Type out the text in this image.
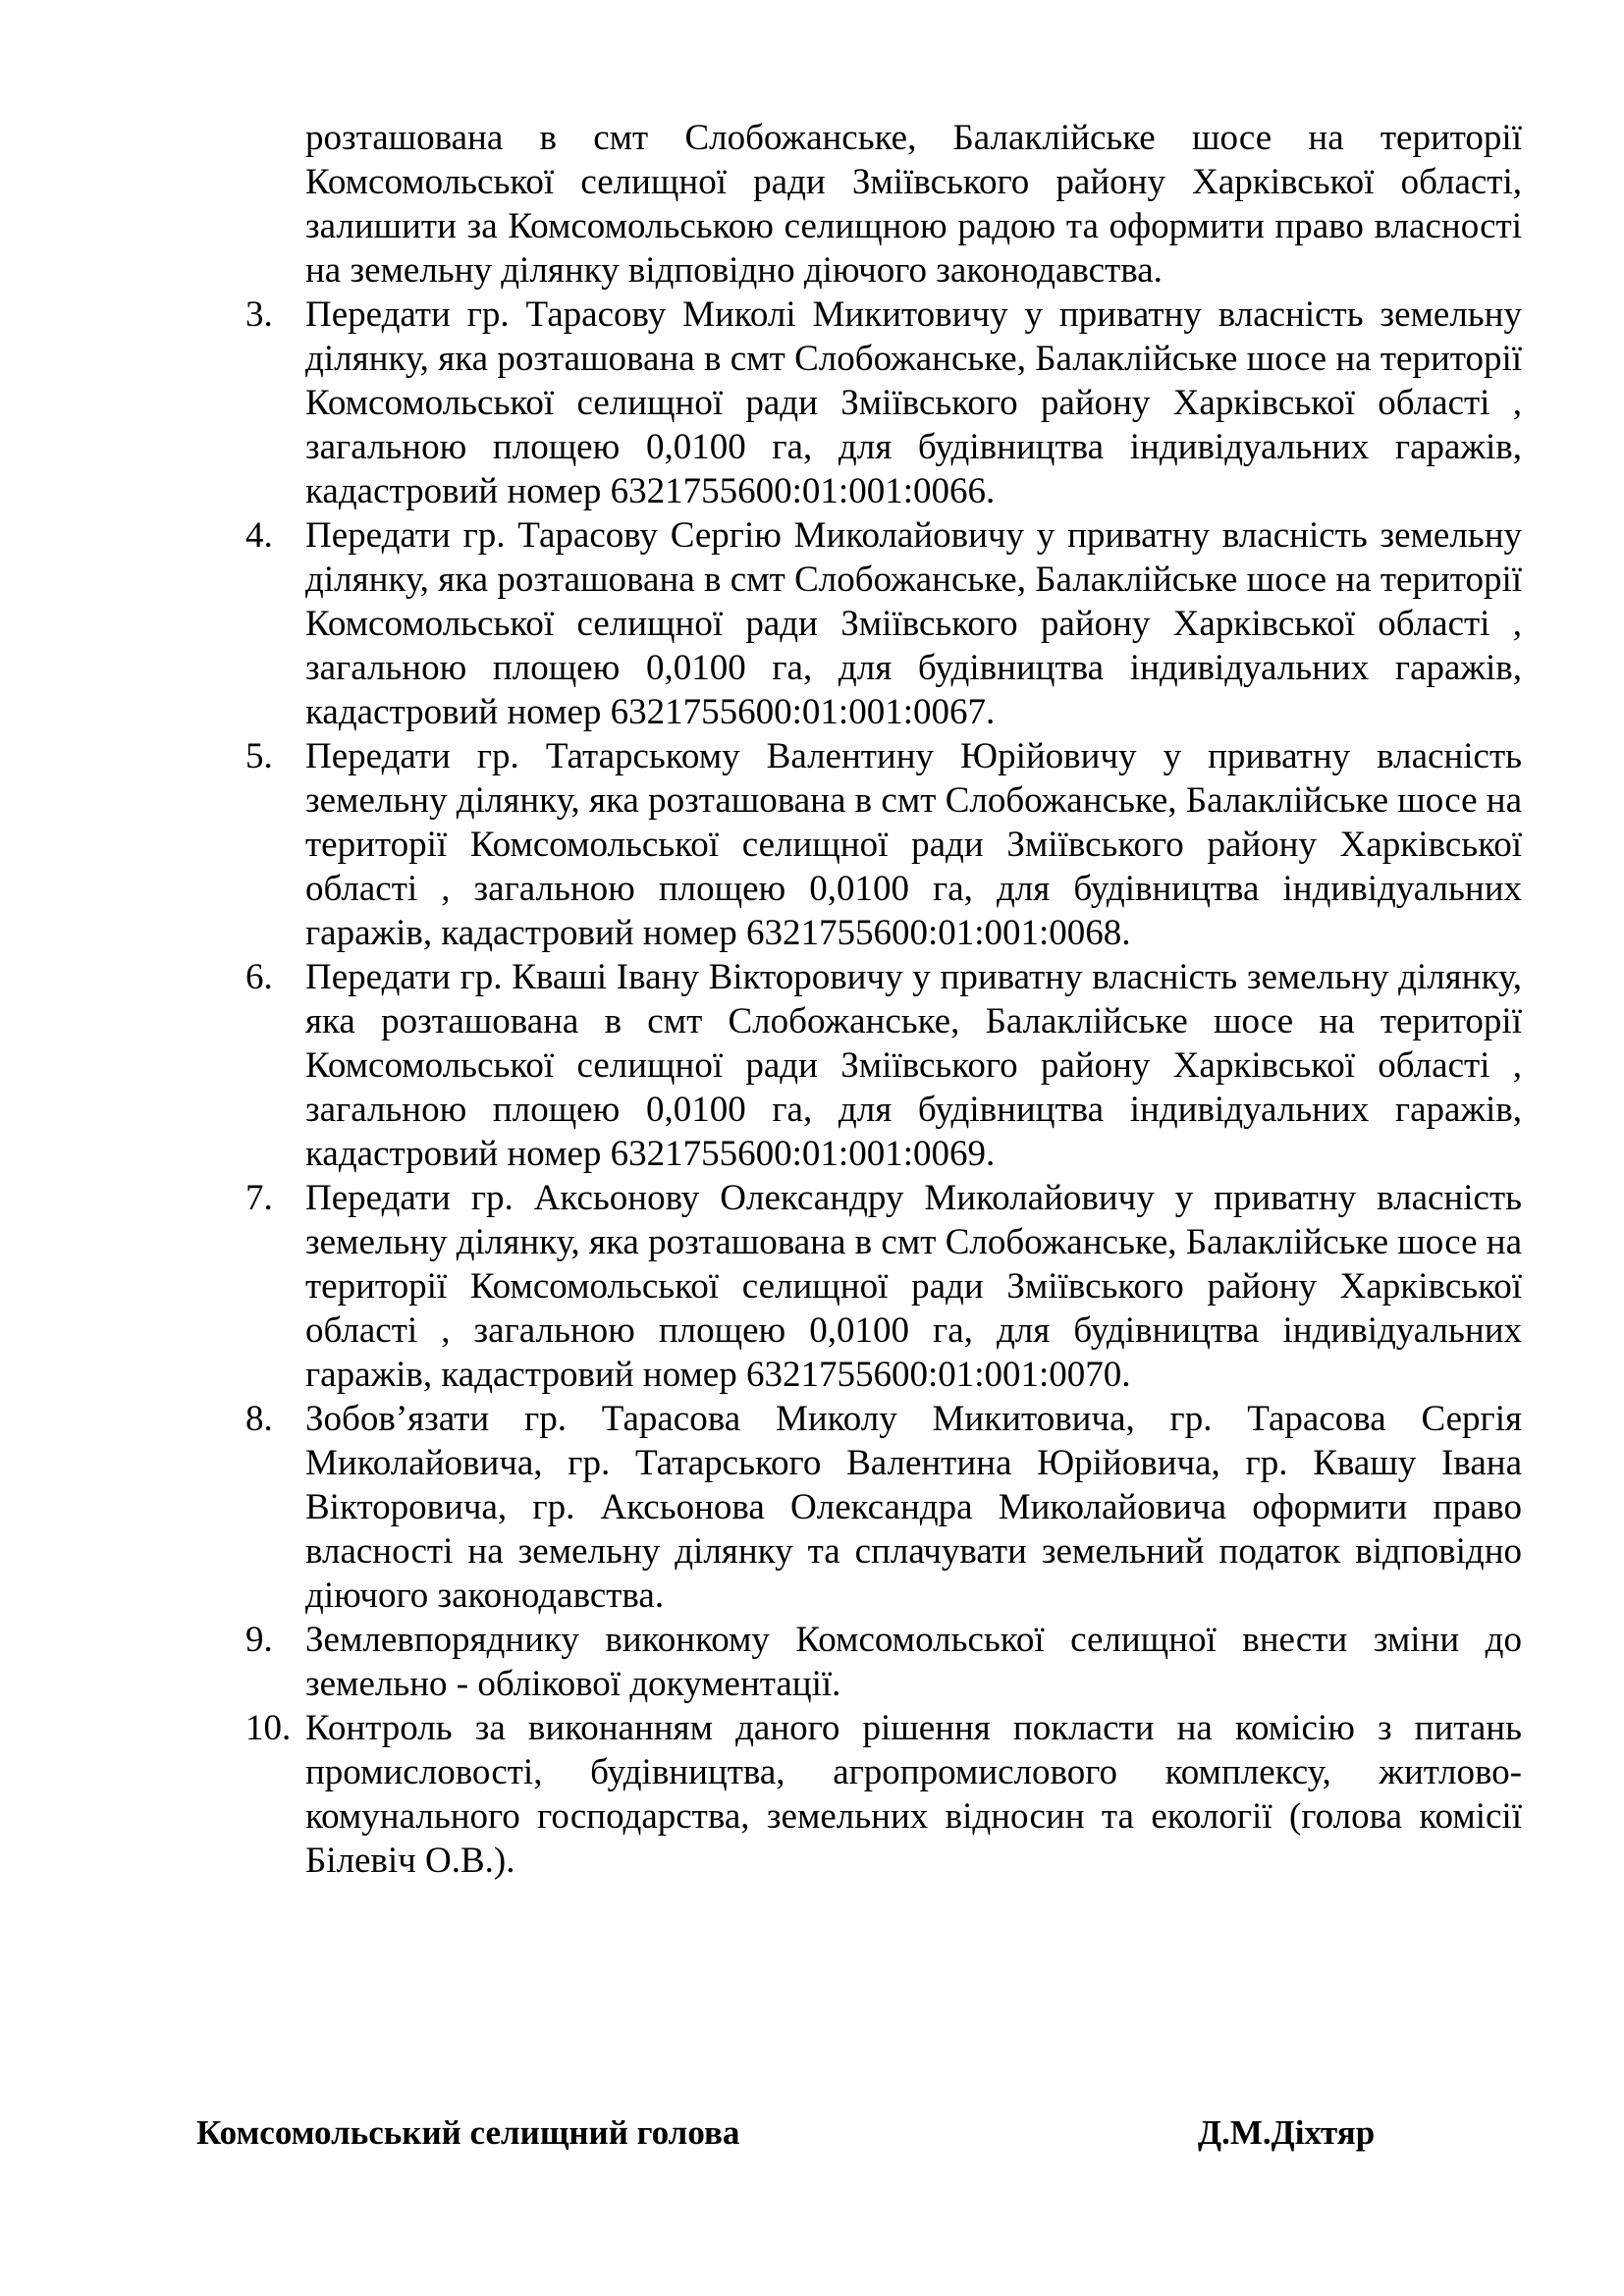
розташована в смт Слобожанське, Балаклійське шосе на території Комсомольської селищної ради Зміївського району Харківської області, залишити за Комсомольською селищною радою та оформити право власності на земельну ділянку відповідно діючого законодавства.
3. Передати гр. Тарасову Миколі Микитовичу у приватну власність земельну ділянку, яка розташована в смт Слобожанське, Балаклійське шосе на території Комсомольської селищної ради Зміївського району Харківської області , загальною площею 0,0100 га, для будівництва індивідуальних гаражів, кадастровий номер 6321755600:01:001:0066.
4. Передати гр. Тарасову Сергію Миколайовичу у приватну власність земельну ділянку, яка розташована в смт Слобожанське, Балаклійське шосе на території Комсомольської селищної ради Зміївського району Харківської області , загальною площею 0,0100 га, для будівництва індивідуальних гаражів, кадастровий номер 6321755600:01:001:0067.
5. Передати гр. Татарському Валентину Юрійовичу у приватну власність земельну ділянку, яка розташована в смт Слобожанське, Балаклійське шосе на території Комсомольської селищної ради Зміївського району Харківської області , загальною площею 0,0100 га, для будівництва індивідуальних гаражів, кадастровий номер 6321755600:01:001:0068.
6. Передати гр. Кваші Івану Вікторовичу у приватну власність земельну ділянку, яка розташована в смт Слобожанське, Балаклійське шосе на території Комсомольської селищної ради Зміївського району Харківської області , загальною площею 0,0100 га, для будівництва індивідуальних гаражів, кадастровий номер 6321755600:01:001:0069.
7. Передати гр. Аксьонову Олександру Миколайовичу у приватну власність земельну ділянку, яка розташована в смт Слобожанське, Балаклійське шосе на території Комсомольської селищної ради Зміївського району Харківської області , загальною площею 0,0100 га, для будівництва індивідуальних гаражів, кадастровий номер 6321755600:01:001:0070.
8. Зобов’язати гр. Тарасова Миколу Микитовича, гр. Тарасова Сергія Миколайовича, гр. Татарського Валентина Юрійовича, гр. Квашу Івана Вікторовича, гр. Аксьонова Олександра Миколайовича оформити право власності на земельну ділянку та сплачувати земельний податок відповідно діючого законодавства.
9. Землевпоряднику виконкому Комсомольської селищної внести зміни до земельно - облікової документації.
10. Контроль за виконанням даного рішення покласти на комісію з питань промисловості, будівництва, агропромислового комплексу, житлово-комунального господарства, земельних відносин та екології (голова комісії Білевіч О.В.).
Комсомольський селищний голова	Д.М.Діхтяр
